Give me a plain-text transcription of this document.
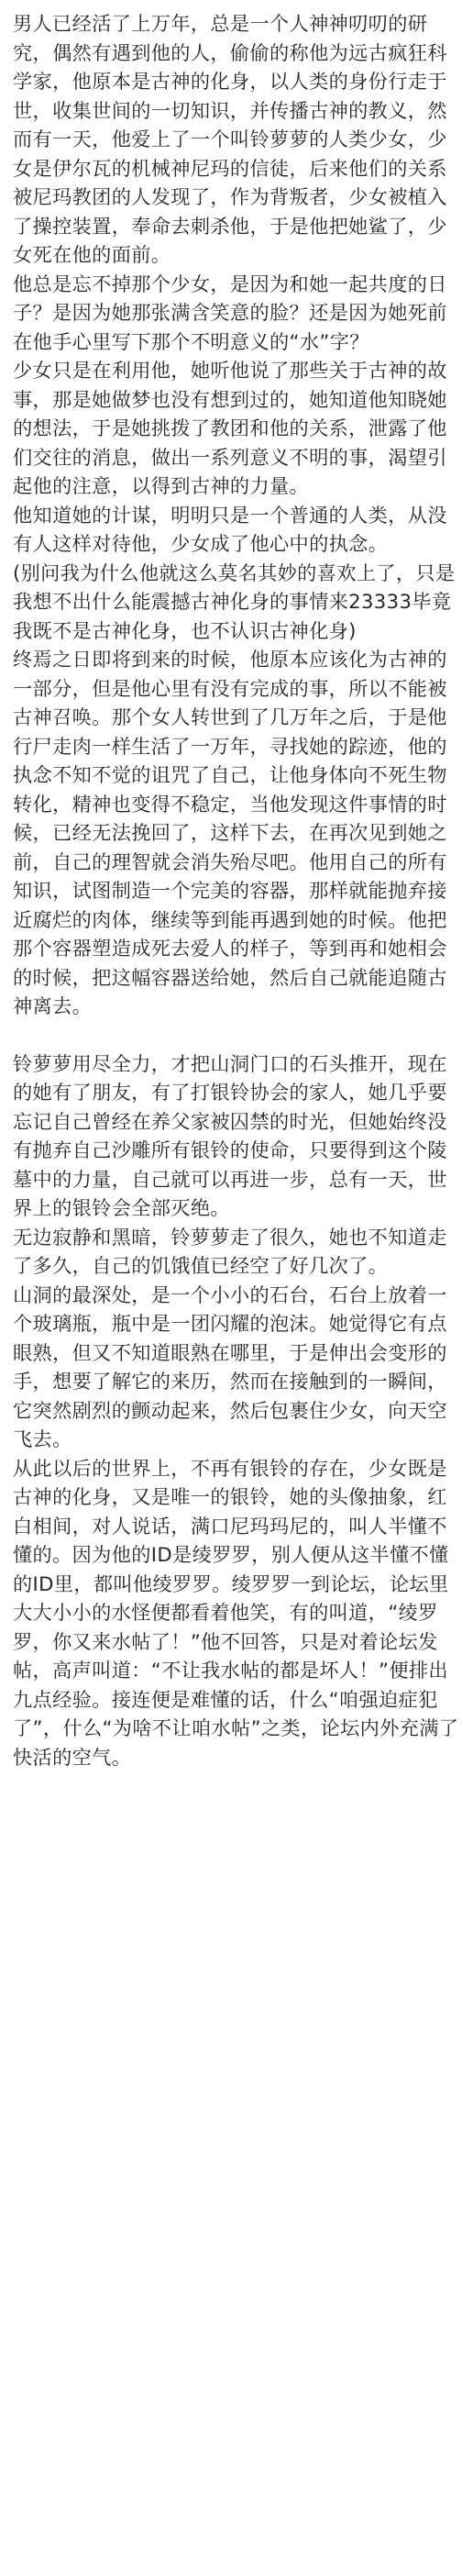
男人已经活了上万年，总是一个人神神叨叨的研究，偶然有遇到他的人，偷偷的称他为远古疯狂科学家，他原本是古神的化身，以人类的身份行走于世，收集世间的一切知识，并传播古神的教义，然而有一天，他爱上了一个叫铃萝萝的人类少女，少女是伊尔瓦的机械神尼玛的信徒，后来他们的关系被尼玛教团的人发现了，作为背叛者，少女被植入了操控装置，奉命去刺杀他，于是他把她鲨了，少女死在他的面前。

他总是忘不掉那个少女，是因为和她一起共度的日子？是因为她那张满含笑意的脸？还是因为她死前在他手心里写下那个不明意义的“水”字？

少女只是在利用他，她听他说了那些关于古神的故事，那是她做梦也没有想到过的，她知道他知晓她的想法，于是她挑拨了教团和他的关系，泄露了他们交往的消息，做出一系列意义不明的事，渴望引起他的注意，以得到古神的力量。

他知道她的计谋，明明只是一个普通的人类，从没有人这样对待他，少女成了他心中的执念。

(别问我为什么他就这么莫名其妙的喜欢上了，只是我想不出什么能震撼古神化身的事情来23333毕竟我既不是古神化身，也不认识古神化身)

终焉之日即将到来的时候，他原本应该化为古神的一部分，但是他心里有没有完成的事，所以不能被古神召唤。那个女人转世到了几万年之后，于是他行尸走肉一样生活了一万年，寻找她的踪迹，他的执念不知不觉的诅咒了自己，让他身体向不死生物转化，精神也变得不稳定，当他发现这件事情的时候，已经无法挽回了，这样下去，在再次见到她之前，自己的理智就会消失殆尽吧。他用自己的所有知识，试图制造一个完美的容器，那样就能抛弃接近腐烂的肉体，继续等到能再遇到她的时候。他把那个容器塑造成死去爱人的样子，等到再和她相会的时候，把这幅容器送给她，然后自己就能追随古神离去。

铃萝萝用尽全力，才把山洞门口的石头推开，现在的她有了朋友，有了打银铃协会的家人，她几乎要忘记自己曾经在养父家被囚禁的时光，但她始终没有抛弃自己沙雕所有银铃的使命，只要得到这个陵墓中的力量，自己就可以再进一步，总有一天，世界上的银铃会全部灭绝。

无边寂静和黑暗，铃萝萝走了很久，她也不知道走了多久，自己的饥饿值已经空了好几次了。

山洞的最深处，是一个小小的石台，石台上放着一个玻璃瓶，瓶中是一团闪耀的泡沫。她觉得它有点眼熟，但又不知道眼熟在哪里，于是伸出会变形的手，想要了解它的来历，然而在接触到的一瞬间，它突然剧烈的颤动起来，然后包裹住少女，向天空飞去。

从此以后的世界上，不再有银铃的存在，少女既是古神的化身，又是唯一的银铃，她的头像抽象，红白相间，对人说话，满口尼玛玛尼的，叫人半懂不懂的。因为他的ID是绫罗罗，别人便从这半懂不懂的ID里，都叫他绫罗罗。绫罗罗一到论坛，论坛里大大小小的水怪便都看着他笑，有的叫道，“绫罗罗，你又来水帖了！”他不回答，只是对着论坛发帖，高声叫道：“不让我水帖的都是坏人！”便排出九点经验。接连便是难懂的话，什么“咱强迫症犯了”，什么“为啥不让咱水帖”之类，论坛内外充满了快活的空气。
